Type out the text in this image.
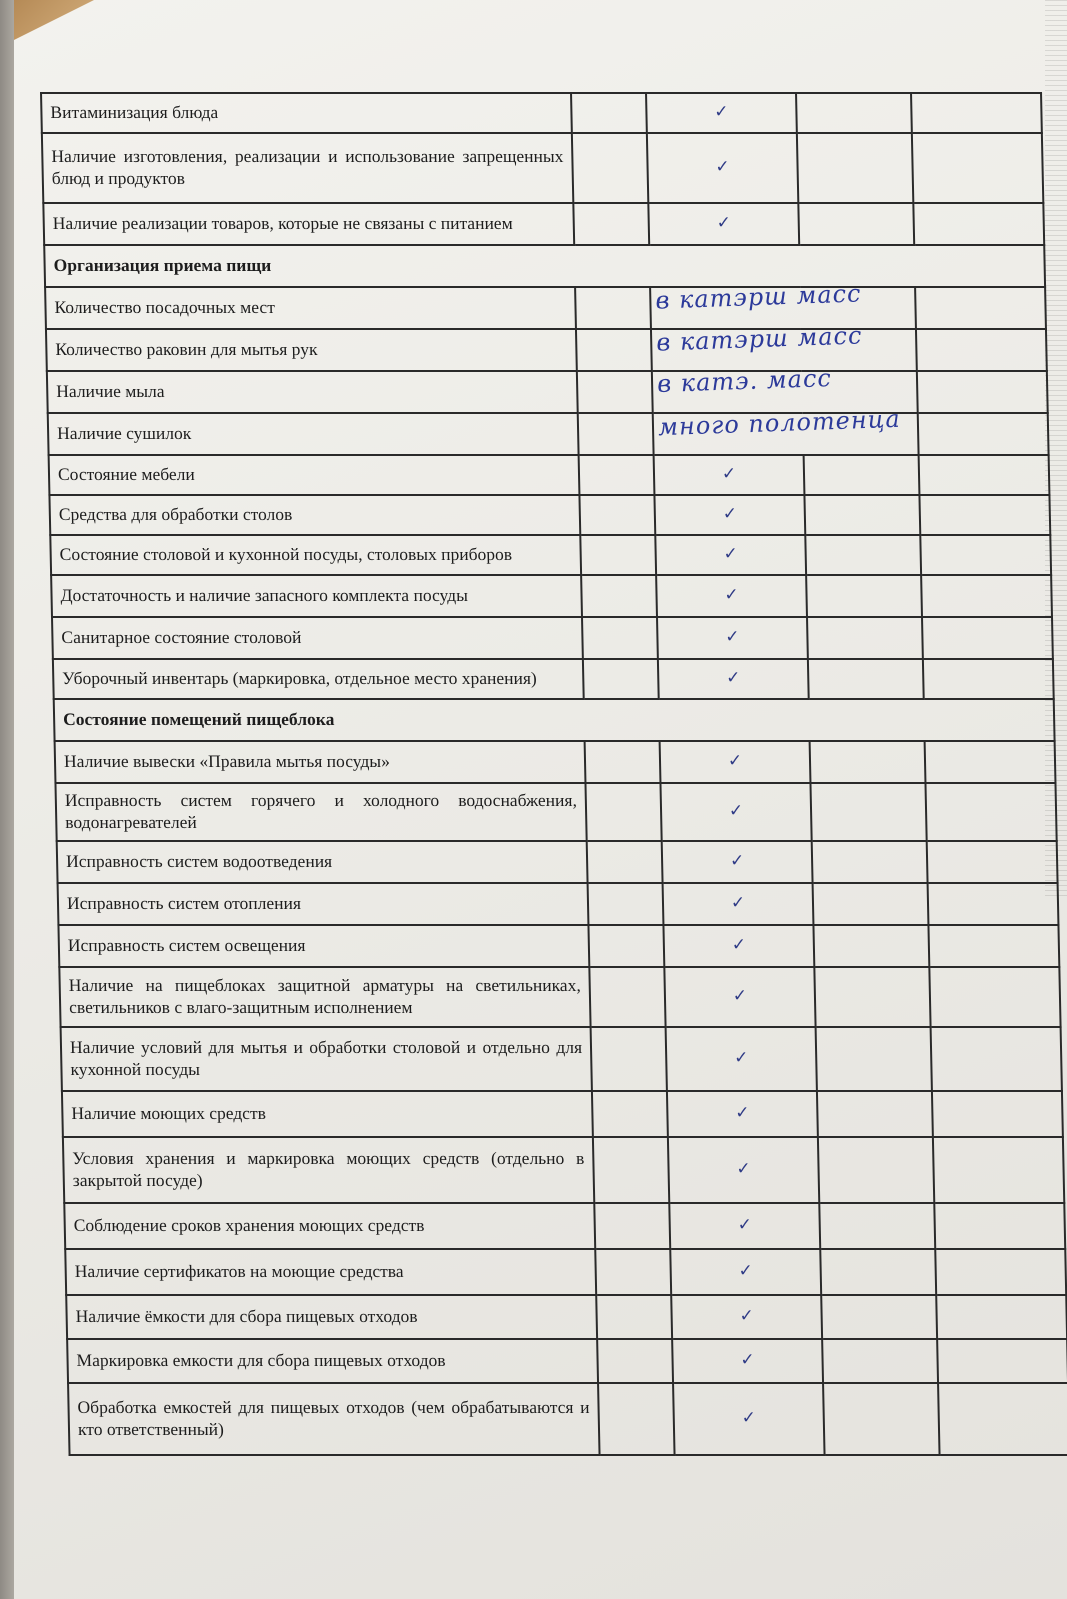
Витаминизация блюда		✓		
Наличие изготовления, реализации и использование запрещенных блюд и продуктов		✓		
Наличие реализации товаров, которые не связаны с питанием		✓		
Организация приема пищи				
Количество посадочных мест		в катэрш масс		

Количество раковин для мытья рук		в катэрш масс		

Наличие мыла		в катэ. масс		

Наличие сушилок		много полотенца		

Состояние мебели		✓		
Средства для обработки столов		✓		
Состояние столовой и кухонной посуды, столовых приборов		✓		
Достаточность и наличие запасного комплекта посуды		✓		
Санитарное состояние столовой		✓		
Уборочный инвентарь (маркировка, отдельное место хранения)		✓		
Состояние помещений пищеблока				
Наличие вывески «Правила мытья посуды»		✓		
Исправность систем горячего и холодного водоснабжения, водонагревателей		✓		
Исправность систем водоотведения		✓		
Исправность систем отопления		✓		
Исправность систем освещения		✓		
Наличие на пищеблоках защитной арматуры на светильниках, светильников с влаго-защитным исполнением		✓		
Наличие условий для мытья и обработки столовой и отдельно для кухонной посуды		✓		
Наличие моющих средств		✓		
Условия хранения и маркировка моющих средств (отдельно в закрытой посуде)		✓		
Соблюдение сроков хранения моющих средств		✓		
Наличие сертификатов на моющие средства		✓		
Наличие ёмкости для сбора пищевых отходов		✓		
Маркировка емкости для сбора пищевых отходов		✓		
Обработка емкостей для пищевых отходов (чем обрабатываются и кто ответственный)		✓		
